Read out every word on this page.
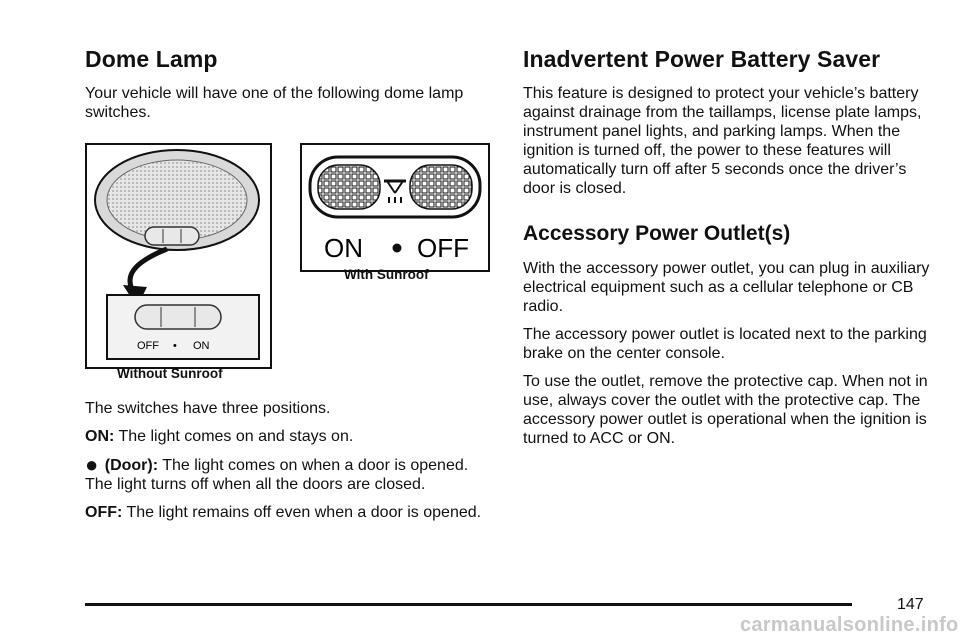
Dome Lamp

Your vehicle will have one of the following dome lamp switches.

OFF • ON
Without Sunroof
ON OFF
With Sunroof

The switches have three positions.

ON: The light comes on and stays on.

● (Door): The light comes on when a door is opened. The light turns off when all the doors are closed.

OFF: The light remains off even when a door is opened.

Inadvertent Power Battery Saver

This feature is designed to protect your vehicle’s battery against drainage from the taillamps, license plate lamps, instrument panel lights, and parking lamps. When the ignition is turned off, the power to these features will automatically turn off after 5 seconds once the driver’s door is closed.

Accessory Power Outlet(s)

With the accessory power outlet, you can plug in auxiliary electrical equipment such as a cellular telephone or CB radio.

The accessory power outlet is located next to the parking brake on the center console.

To use the outlet, remove the protective cap. When not in use, always cover the outlet with the protective cap. The accessory power outlet is operational when the ignition is turned to ACC or ON.

147
carmanualsonline.info
